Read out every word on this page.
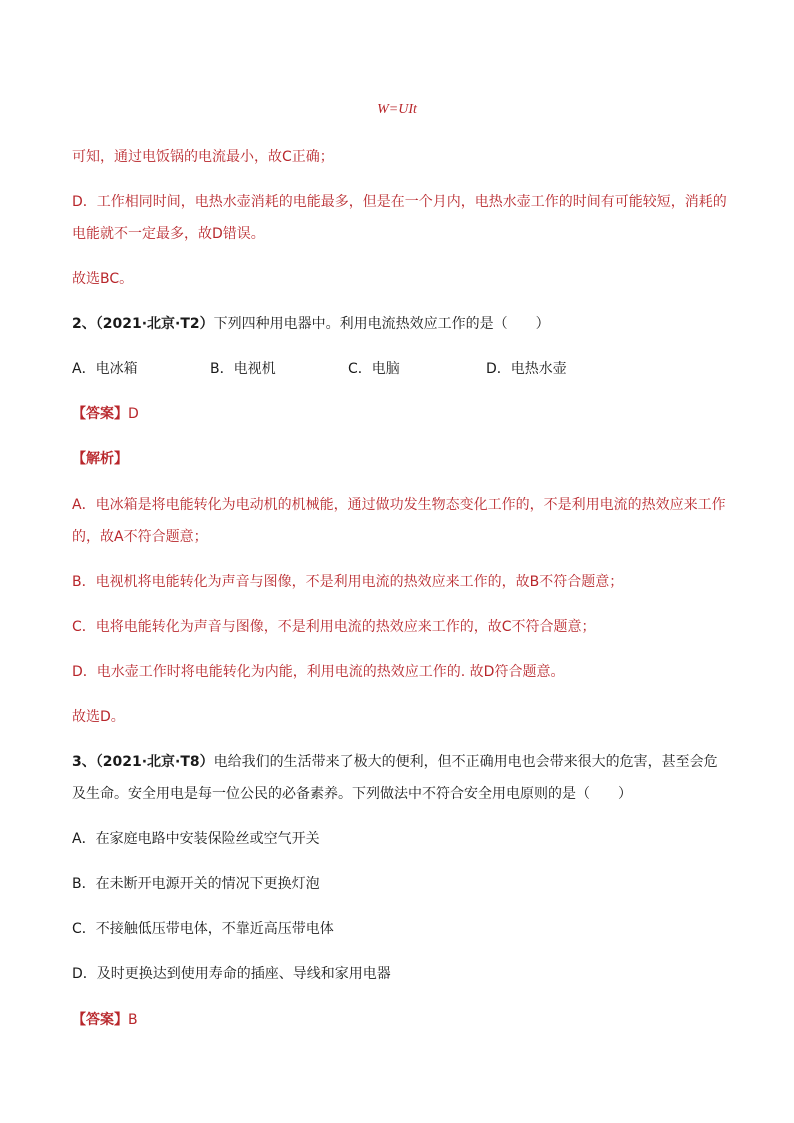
W=UIt
可知，通过电饭锅的电流最小，故C正确；
D．工作相同时间，电热水壶消耗的电能最多，但是在一个月内，电热水壶工作的时间有可能较短，消耗的
电能就不一定最多，故D错误。
故选BC。
2、（2021·北京·T2）下列四种用电器中。利用电流热效应工作的是（　　）
A．电冰箱	B．电视机	C．电脑	D．电热水壶
【答案】D
【解析】
A．电冰箱是将电能转化为电动机的机械能，通过做功发生物态变化工作的，不是利用电流的热效应来工作
的，故A不符合题意；
B．电视机将电能转化为声音与图像，不是利用电流的热效应来工作的，故B不符合题意；
C．电将电能转化为声音与图像，不是利用电流的热效应来工作的，故C不符合题意；
D．电水壶工作时将电能转化为内能，利用电流的热效应工作的. 故D符合题意。
故选D。
3、（2021·北京·T8）电给我们的生活带来了极大的便利，但不正确用电也会带来很大的危害，甚至会危
及生命。安全用电是每一位公民的必备素养。下列做法中不符合安全用电原则的是（　　）
A．在家庭电路中安装保险丝或空气开关
B．在未断开电源开关的情况下更换灯泡
C．不接触低压带电体，不靠近高压带电体
D．及时更换达到使用寿命的插座、导线和家用电器
【答案】B
